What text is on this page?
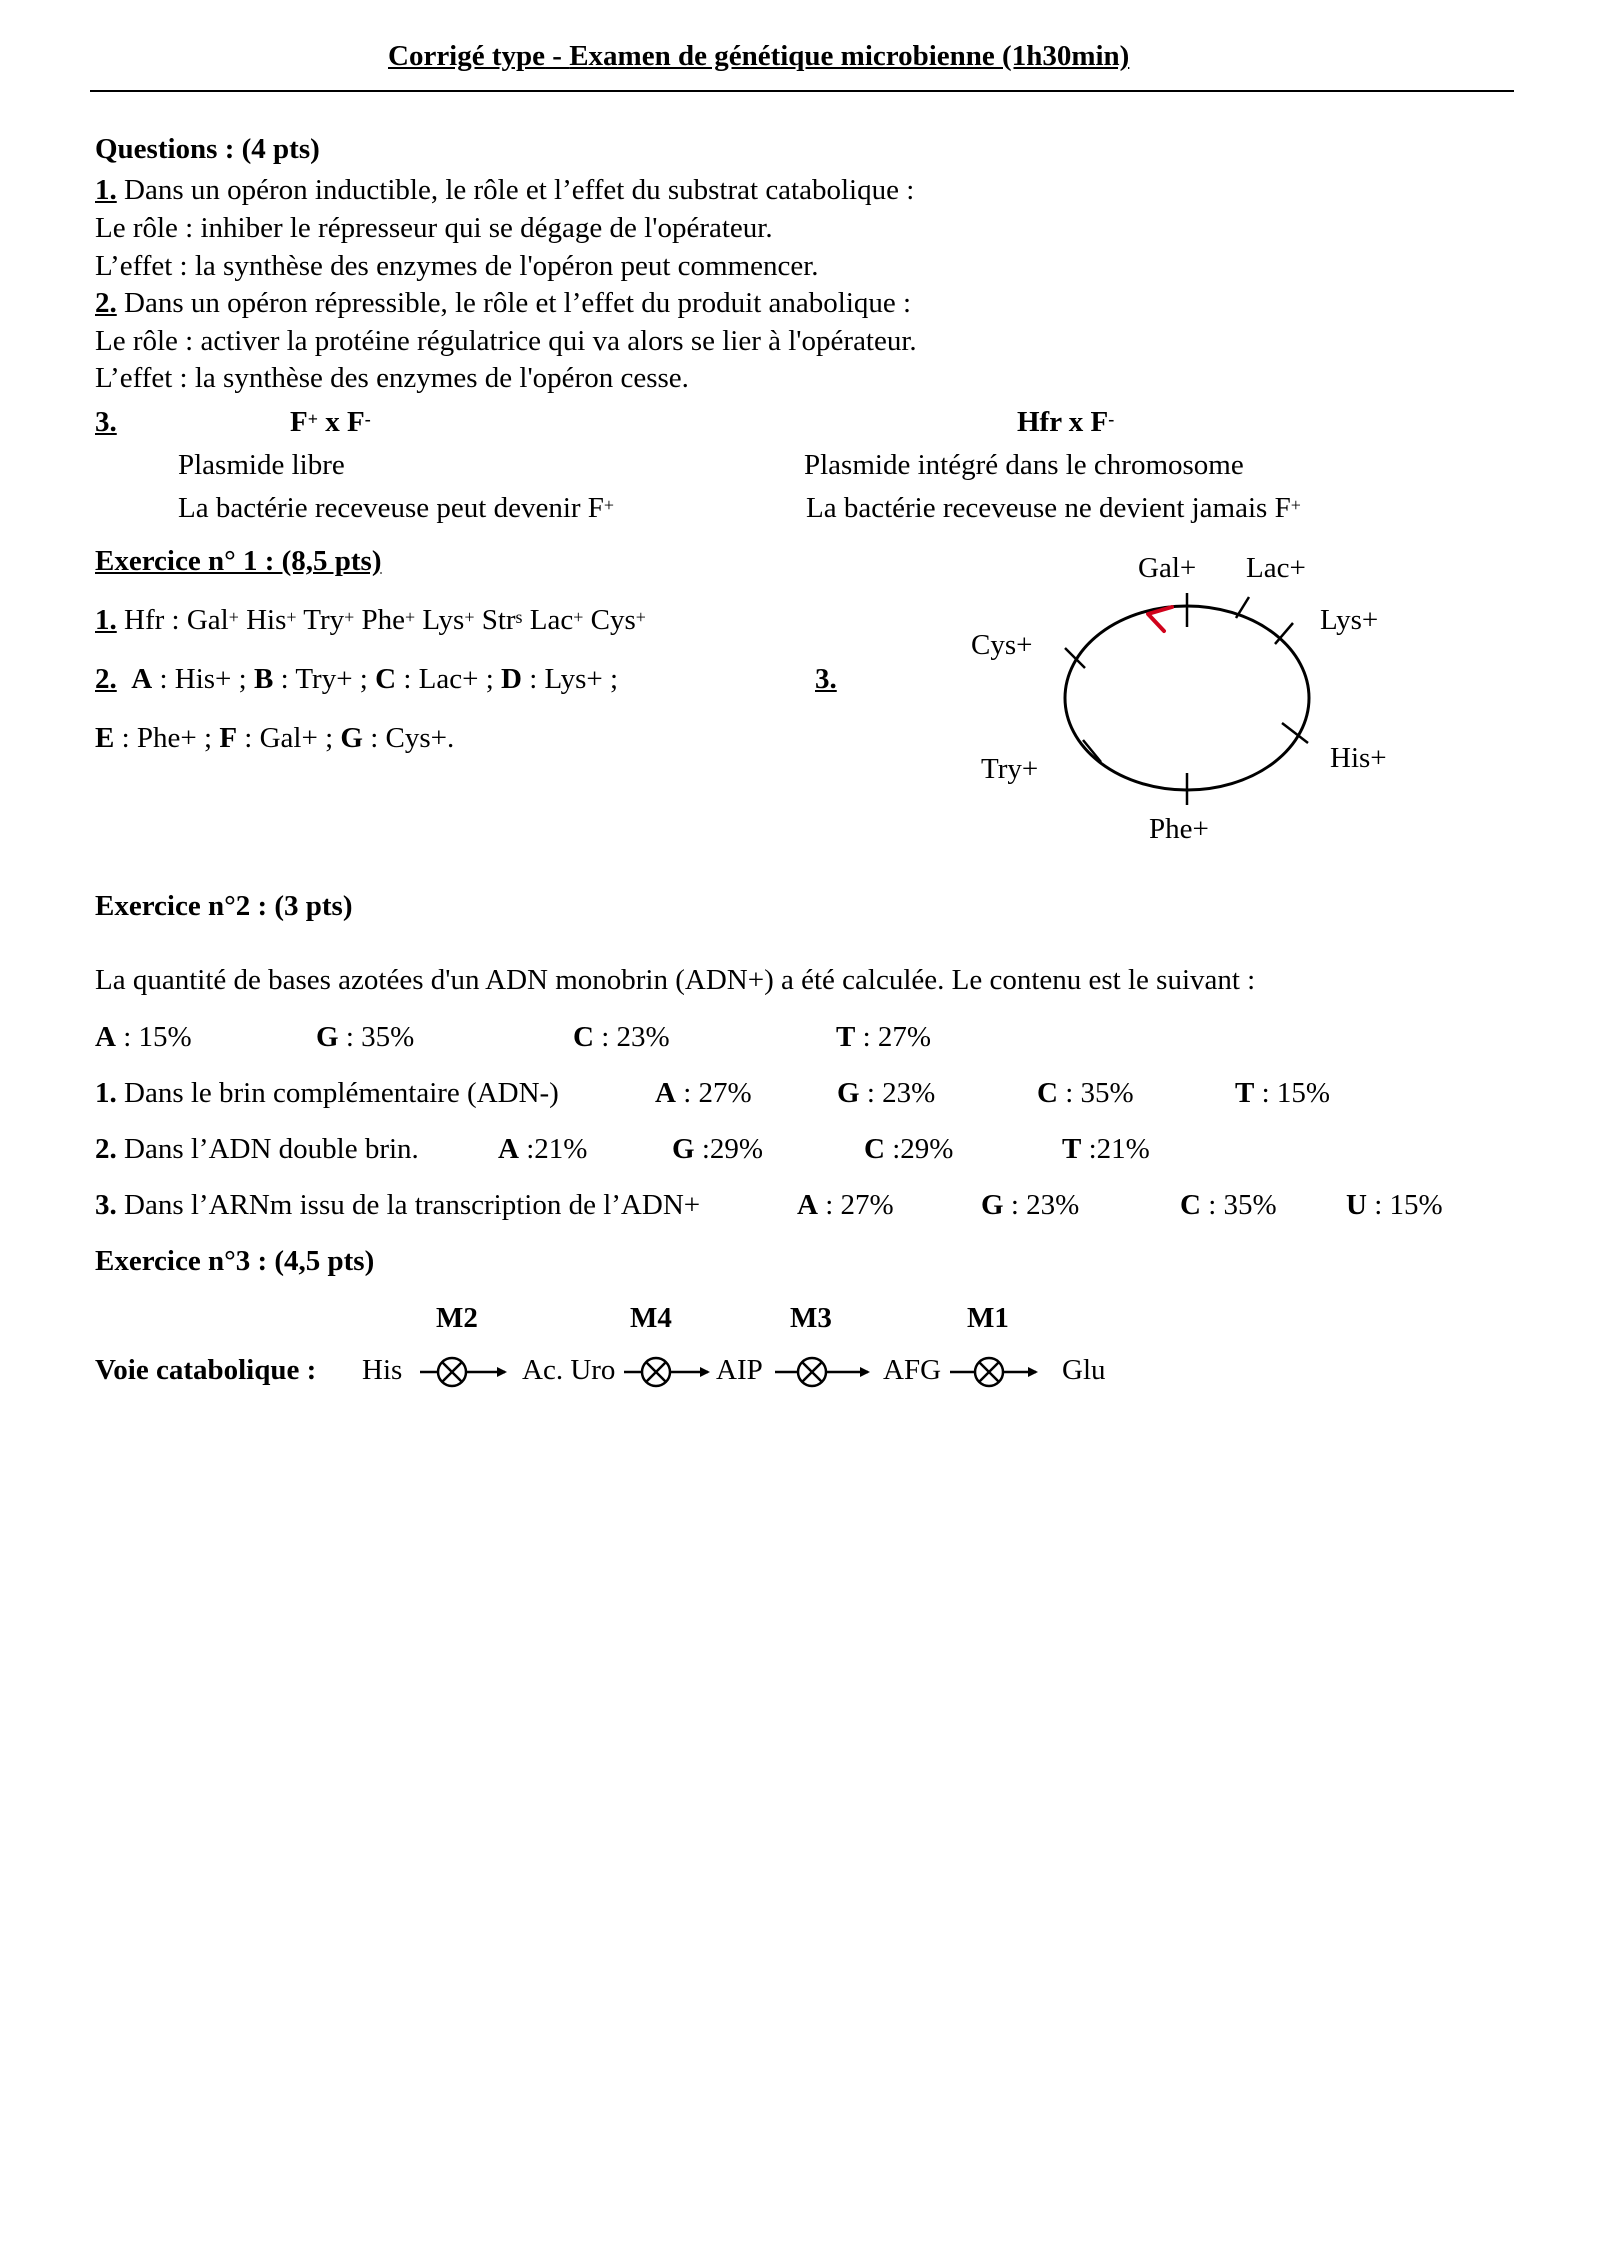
Corrigé type - Examen de génétique microbienne (1h30min)
Questions : (4 pts)
1. Dans un opéron inductible, le rôle et l’effet du substrat catabolique :
Le rôle : inhiber le répresseur qui se dégage de l'opérateur.
L’effet : la synthèse des enzymes de l'opéron peut commencer.
2. Dans un opéron répressible, le rôle et l’effet du produit anabolique :
Le rôle : activer la protéine régulatrice qui va alors se lier à l'opérateur.
L’effet : la synthèse des enzymes de l'opéron cesse.
3.	F+ x F-	Hfr x F-
Plasmide libre	Plasmide intégré dans le chromosome
La bactérie receveuse peut devenir F+	La bactérie receveuse ne devient jamais F+
Exercice n° 1 : (8,5 pts)
1. Hfr : Gal+ His+ Try+ Phe+ Lys+ Str$^s$ Lac+ Cys+
2. A : His+ ; B : Try+ ; C : Lac+ ; D : Lys+ ;
E : Phe+ ; F : Gal+ ; G : Cys+.
3.
Gal+ Lac+
Lys+
Cys+
His+
Try+
Phe+
Exercice n°2 : (3 pts)
La quantité de bases azotées d'un ADN monobrin (ADN+) a été calculée. Le contenu est le suivant :
A : 15%	G : 35%	C : 23%	T : 27%
1. Dans le brin complémentaire (ADN-)	A : 27%	G : 23%	C : 35%	T : 15%
2. Dans l’ADN double brin.	A :21%	G :29%	C :29%	T :21%
3. Dans l’ARNm issu de la transcription de l’ADN+	A : 27%	G : 23%	C : 35% U : 15%
Exercice n°3 : (4,5 pts)
M2	M4	M3	M1
Voie catabolique : His	Ac. Uro	AIP	AFG	Glu
